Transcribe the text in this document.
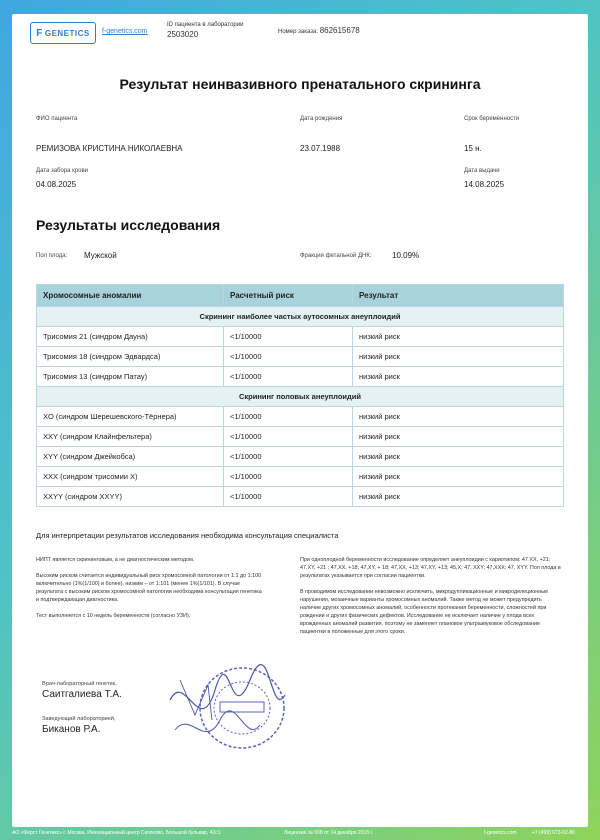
F GENETICS f-genetics.com
ID пациента в лаборатории
2503020	Номер заказа: 862615678
Результат неинвазивного пренатального скрининга
ФИО пациента
РЕМИЗОВА КРИСТИНА НИКОЛАЕВНА
Дата рождения
23.07.1988
Срок беременности
15 н.
Дата забора крови
04.08.2025
Дата выдачи
14.08.2025
Результаты исследования
Пол плода: Мужской	Фракция фетальной ДНК:	10.09%
Хромосомные аномалии	Расчетный риск	Результат
Скрининг наиболее частых аутосомных анеуплоидий		
Трисомия 21 (синдром Дауна)	<1/10000	низкий риск
Трисомия 18 (синдром Эдвардса)	<1/10000	низкий риск
Трисомия 13 (синдром Патау)	<1/10000	низкий риск
Скрининг половых анеуплоидий		
XO (синдром Шерешевского-Тёрнера)	<1/10000	низкий риск
XXY (синдром Клайнфельтера)	<1/10000	низкий риск
XYY (синдром Джейкобса)	<1/10000	низкий риск
XXX (синдром трисомии X)	<1/10000	низкий риск
XXYY (синдром XXYY)	<1/10000	низкий риск
Для интерпретации результатов исследования необходима консультация специалиста
НИПТ является скрининговым, а не диагностическим методом.
Высоким риском считается индивидуальный риск хромосомной патологии от 1:1 до 1:100 включительно (1%(1/100) и более), низким – от 1:101 (менее 1%(1/101). В случае результата с высоким риском хромосомной патологии необходима консультация генетика и подтверждающая диагностика.
Тест выполняется с 10 недель беременности (согласно УЗИ).
При одноплодной беременности исследование определяет анеуплоидии с кариотипом: 47 XX, +21; 47,XY, +21 ; 47,XX, +18; 47,XY, + 18; 47,XX, +13; 47,XY, +13; 45,X; 47, XXY; 47,XXX; 47, XYY. Пол плода в результатах указывается при согласии пациентки.
В проводимом исследовании невозможно исключить, микродупликационные и микроделеционные нарушения, мозаичные варианты хромосомных аномалий. Также метод не может предупредить наличие других хромосомных аномалий, особенности протекания беременности, сложностей при рождении и других физических дефектов. Исследование не исключает наличие у плода всех врожденных аномалий развития, поэтому не заменяет плановое ультразвуковое обследование пациентки в положенные для этого сроки.
Врач-лабораторный генетик,
Саитгалиева Т.А.
Заведующий лабораторией,
Биканов Р.А.
АО «Ферст Генетикс» г. Москва, Инновационный центр Сколково, Большой бульвар, 42с1	Лицензия № 008 от 14 декабря 2018 г.	f-genetics.com	+7 (499) 673-02-80
